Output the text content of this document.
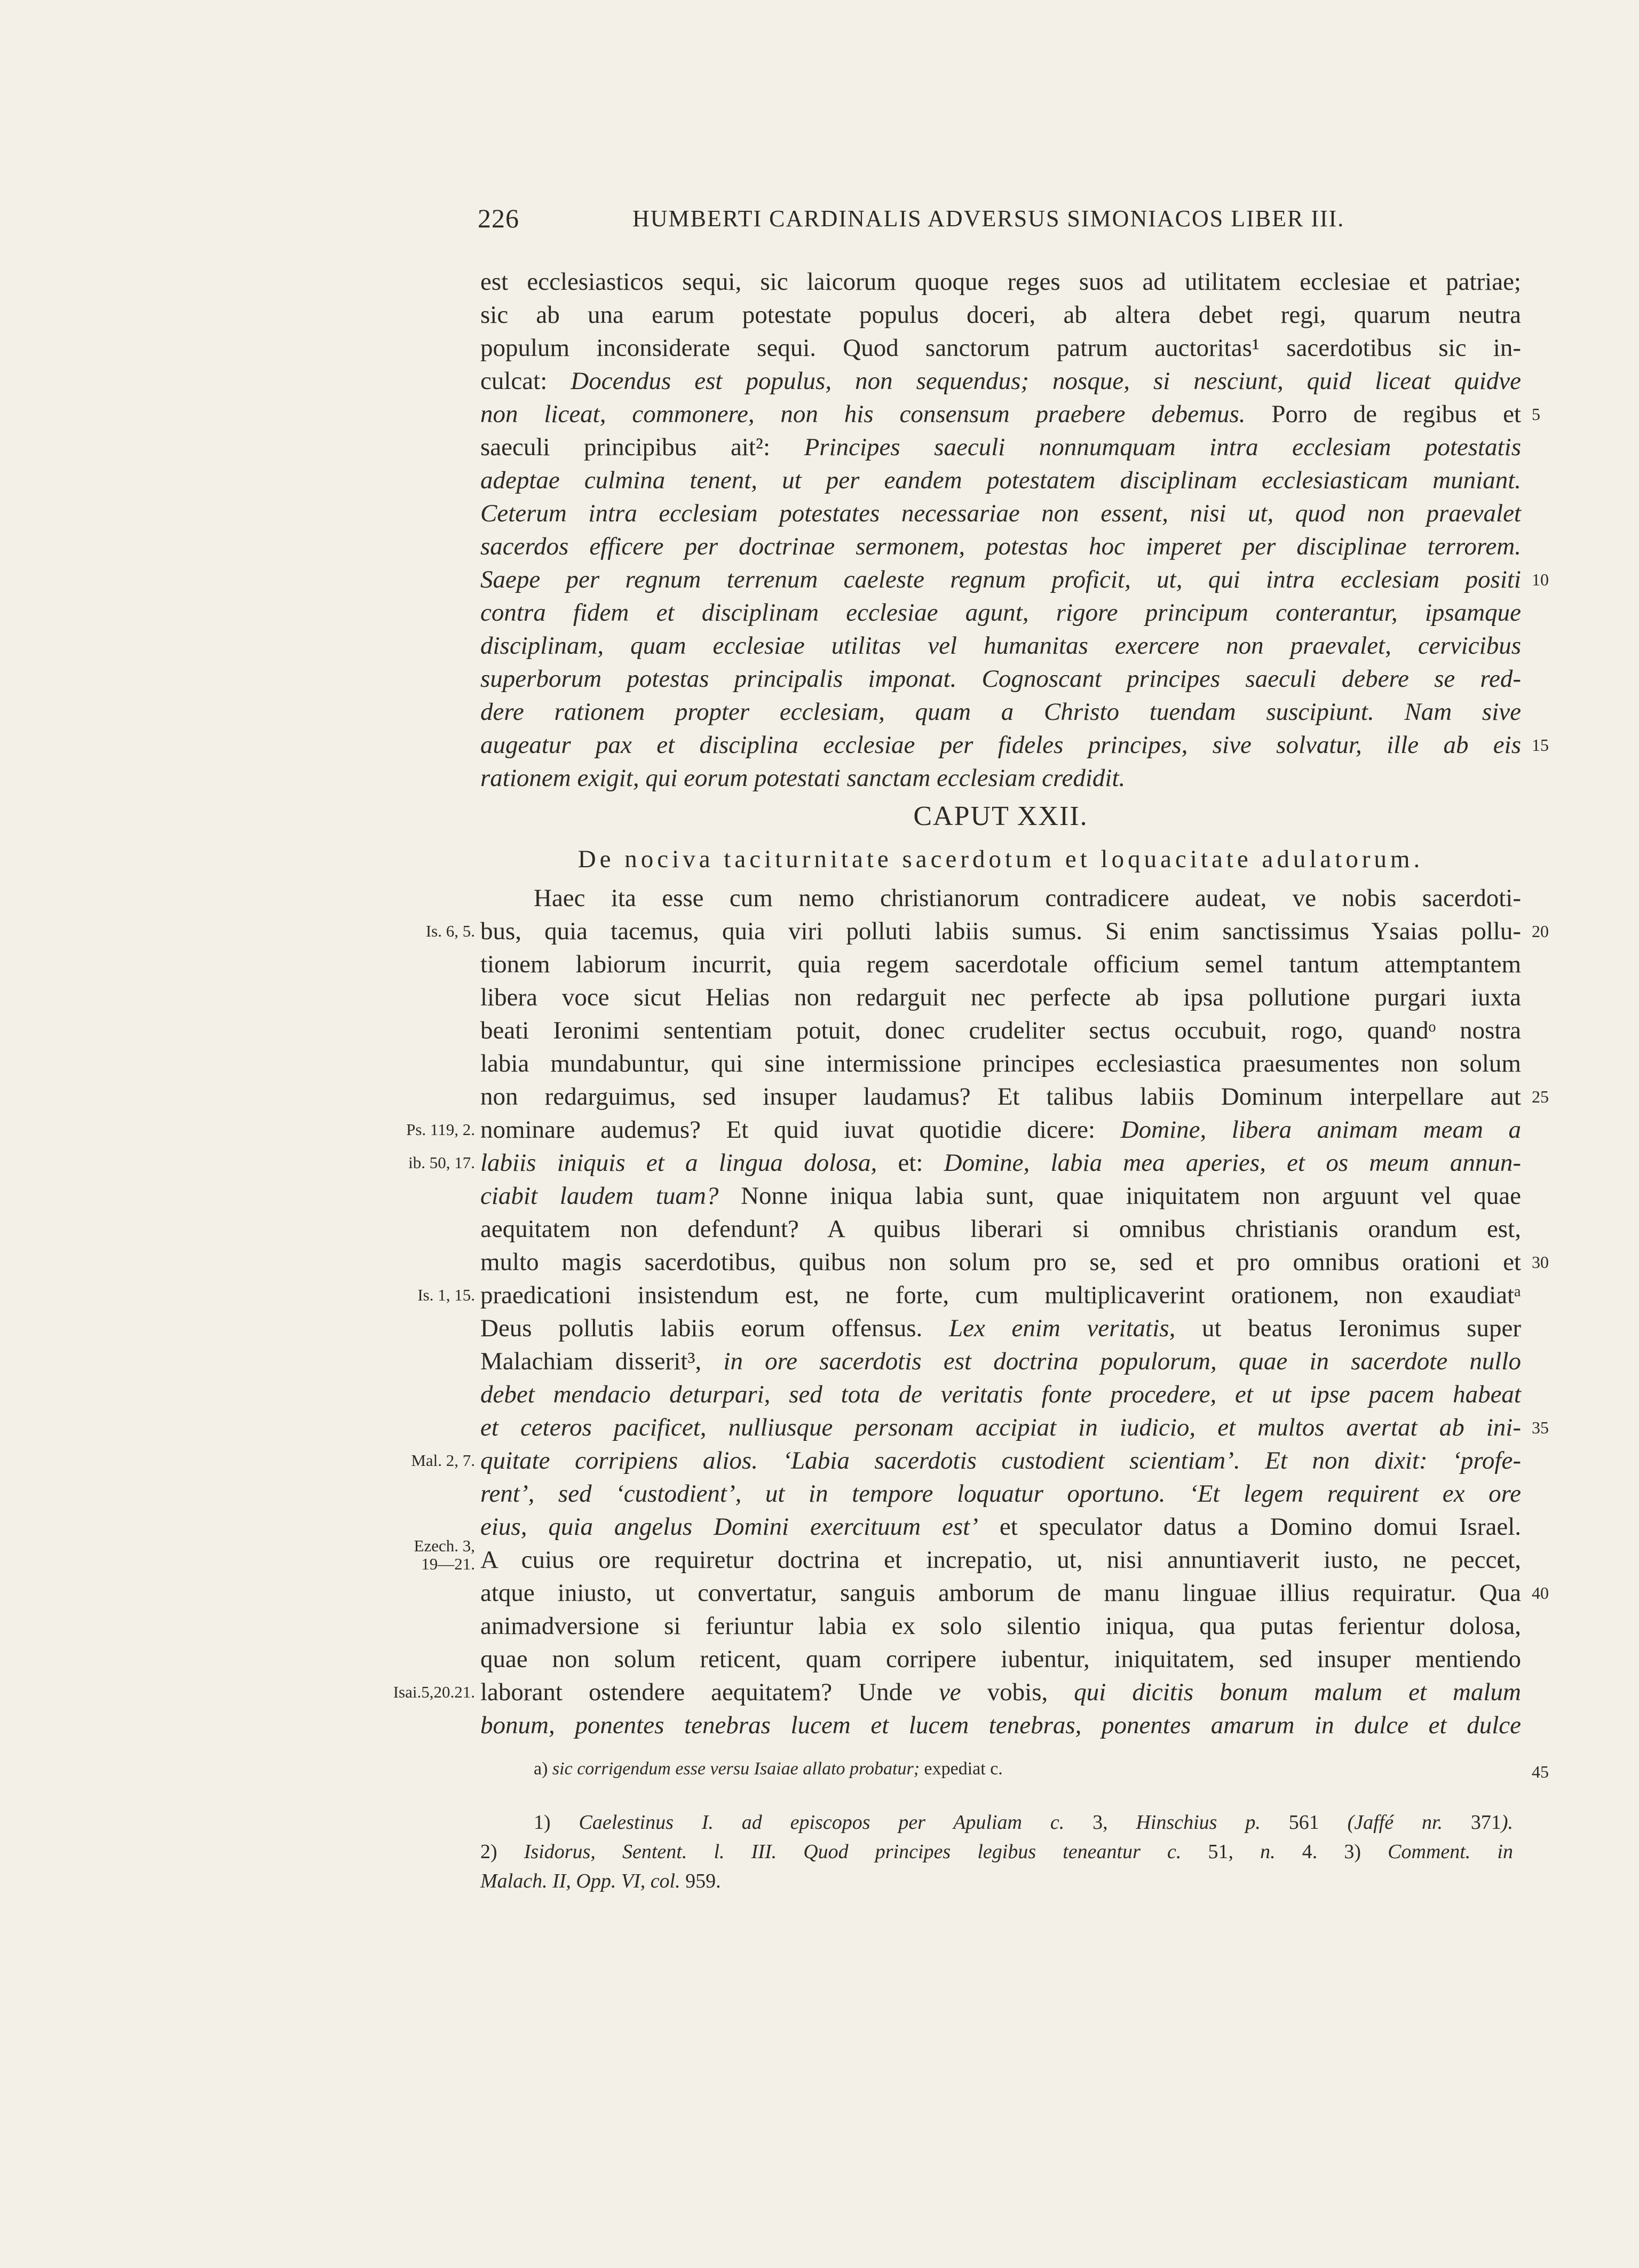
226	HUMBERTI CARDINALIS ADVERSUS SIMONIACOS LIBER III.
est ecclesiasticos sequi, sic laicorum quoque reges suos ad utilitatem ecclesiae et patriae;
sic ab una earum potestate populus doceri, ab altera debet regi, quarum neutra
populum inconsiderate sequi. Quod sanctorum patrum auctoritas¹ sacerdotibus sic in-
culcat: Docendus est populus, non sequendus; nosque, si nesciunt, quid liceat quidve
non liceat, commonere, non his consensum praebere debemus. Porro de regibus et
saeculi principibus ait²: Principes saeculi nonnumquam intra ecclesiam potestatis
adeptae culmina tenent, ut per eandem potestatem disciplinam ecclesiasticam muniant.
Ceterum intra ecclesiam potestates necessariae non essent, nisi ut, quod non praevalet
sacerdos efficere per doctrinae sermonem, potestas hoc imperet per disciplinae terrorem.
Saepe per regnum terrenum caeleste regnum proficit, ut, qui intra ecclesiam positi
contra fidem et disciplinam ecclesiae agunt, rigore principum conterantur, ipsamque
disciplinam, quam ecclesiae utilitas vel humanitas exercere non praevalet, cervicibus
superborum potestas principalis imponat. Cognoscant principes saeculi debere se red-
dere rationem propter ecclesiam, quam a Christo tuendam suscipiunt. Nam sive
augeatur pax et disciplina ecclesiae per fideles principes, sive solvatur, ille ab eis
rationem exigit, qui eorum potestati sanctam ecclesiam credidit.
CAPUT XXII.
De nociva taciturnitate sacerdotum et loquacitate adulatorum.
Haec ita esse cum nemo christianorum contradicere audeat, ve nobis sacerdoti-
bus, quia tacemus, quia viri polluti labiis sumus. Si enim sanctissimus Ysaias pollu-
tionem labiorum incurrit, quia regem sacerdotale officium semel tantum attemptantem
libera voce sicut Helias non redarguit nec perfecte ab ipsa pollutione purgari iuxta
beati Ieronimi sententiam potuit, donec crudeliter sectus occubuit, rogo, quandᵒ nostra
labia mundabuntur, qui sine intermissione principes ecclesiastica praesumentes non solum
non redarguimus, sed insuper laudamus? Et talibus labiis Dominum interpellare aut
nominare audemus? Et quid iuvat quotidie dicere: Domine, libera animam meam a
labiis iniquis et a lingua dolosa, et: Domine, labia mea aperies, et os meum annun-
ciabit laudem tuam? Nonne iniqua labia sunt, quae iniquitatem non arguunt vel quae
aequitatem non defendunt? A quibus liberari si omnibus christianis orandum est,
multo magis sacerdotibus, quibus non solum pro se, sed et pro omnibus orationi et
praedicationi insistendum est, ne forte, cum multiplicaverint orationem, non exaudiatᵃ
Deus pollutis labiis eorum offensus. Lex enim veritatis, ut beatus Ieronimus super
Malachiam disserit³, in ore sacerdotis est doctrina populorum, quae in sacerdote nullo
debet mendacio deturpari, sed tota de veritatis fonte procedere, et ut ipse pacem habeat
et ceteros pacificet, nulliusque personam accipiat in iudicio, et multos avertat ab ini-
quitate corripiens alios. ‘Labia sacerdotis custodient scientiam’. Et non dixit: ‘profe-
rent’, sed ‘custodient’, ut in tempore loquatur oportuno. ‘Et legem requirent ex ore
eius, quia angelus Domini exercituum est’ et speculator datus a Domino domui Israel.
A cuius ore requiretur doctrina et increpatio, ut, nisi annuntiaverit iusto, ne peccet,
atque iniusto, ut convertatur, sanguis amborum de manu linguae illius requiratur. Qua
animadversione si feriuntur labia ex solo silentio iniqua, qua putas ferientur dolosa,
quae non solum reticent, quam corripere iubentur, iniquitatem, sed insuper mentiendo
laborant ostendere aequitatem? Unde ve vobis, qui dicitis bonum malum et malum
bonum, ponentes tenebras lucem et lucem tenebras, ponentes amarum in dulce et dulce
5
10
15
20
25
30
35
40
45
Is. 6, 5.
Ps. 119, 2.
ib. 50, 17.
Is. 1, 15.
Mal. 2, 7.
Ezech. 3,
19—21.
Isai.5,20.21.
a) sic corrigendum esse versu Isaiae allato probatur; expediat c.
1) Caelestinus I. ad episcopos per Apuliam c. 3, Hinschius p. 561 (Jaffé nr. 371).
2) Isidorus, Sentent. l. III. Quod principes legibus teneantur c. 51, n. 4. 3) Comment. in
Malach. II, Opp. VI, col. 959.
